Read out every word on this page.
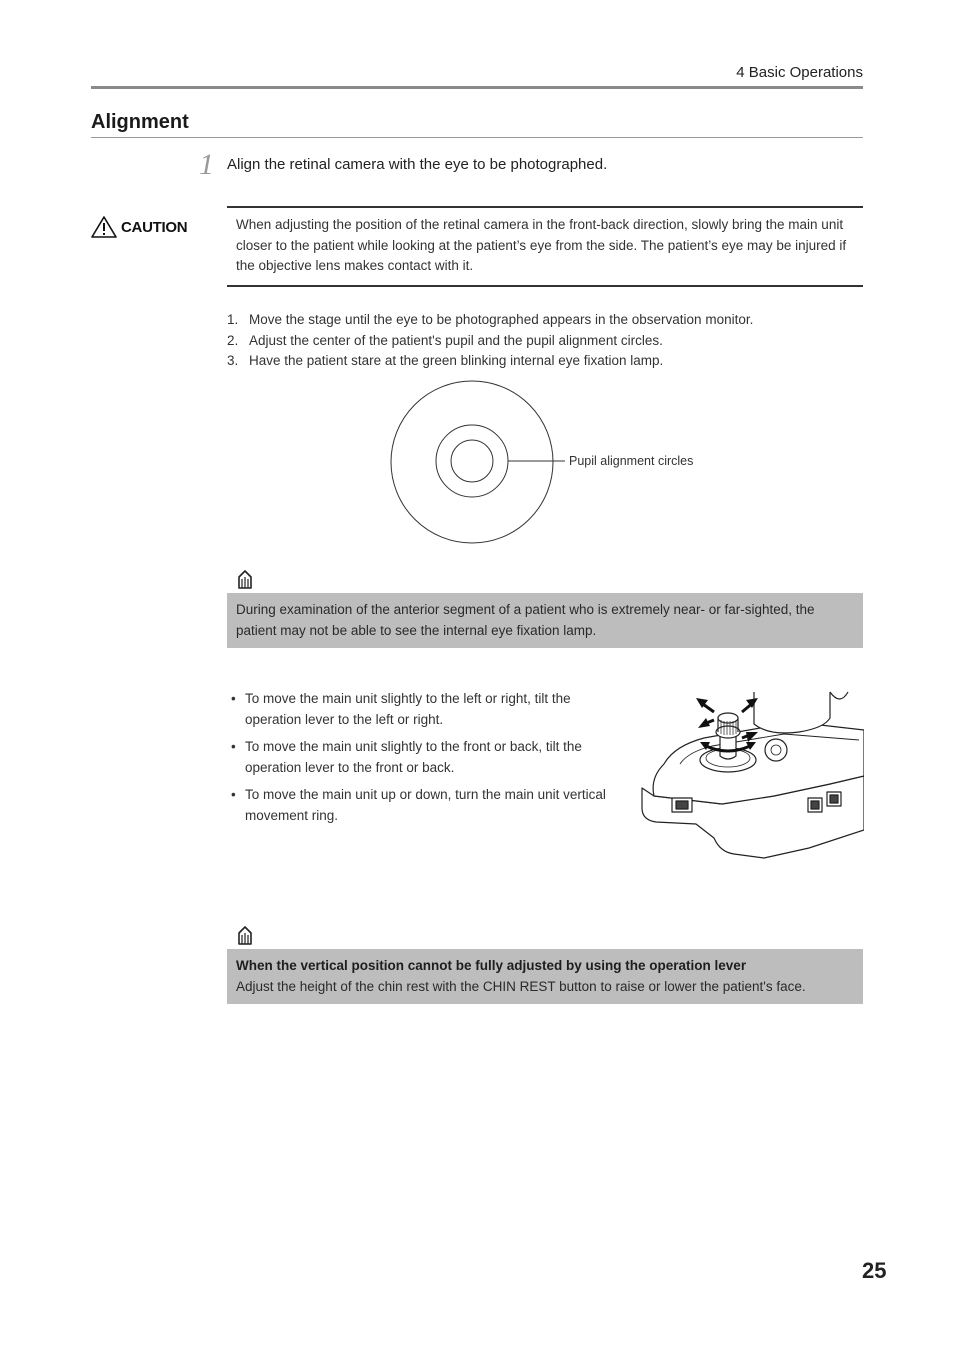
4 Basic Operations
Alignment
1 Align the retinal camera with the eye to be photographed.
CAUTION	When adjusting the position of the retinal camera in the front-back direction, slowly bring the main unit closer to the patient while looking at the patient’s eye from the side. The patient’s eye may be injured if the objective lens makes contact with it.
1. Move the stage until the eye to be photographed appears in the observation monitor.
2. Adjust the center of the patient's pupil and the pupil alignment circles.
3. Have the patient stare at the green blinking internal eye fixation lamp.
Pupil alignment circles
During examination of the anterior segment of a patient who is extremely near- or far-sighted, the patient may not be able to see the internal eye fixation lamp.
• To move the main unit slightly to the left or right, tilt the operation lever to the left or right.
• To move the main unit slightly to the front or back, tilt the operation lever to the front or back.
• To move the main unit up or down, turn the main unit vertical movement ring.
When the vertical position cannot be fully adjusted by using the operation lever
Adjust the height of the chin rest with the CHIN REST button to raise or lower the patient's face.
25
